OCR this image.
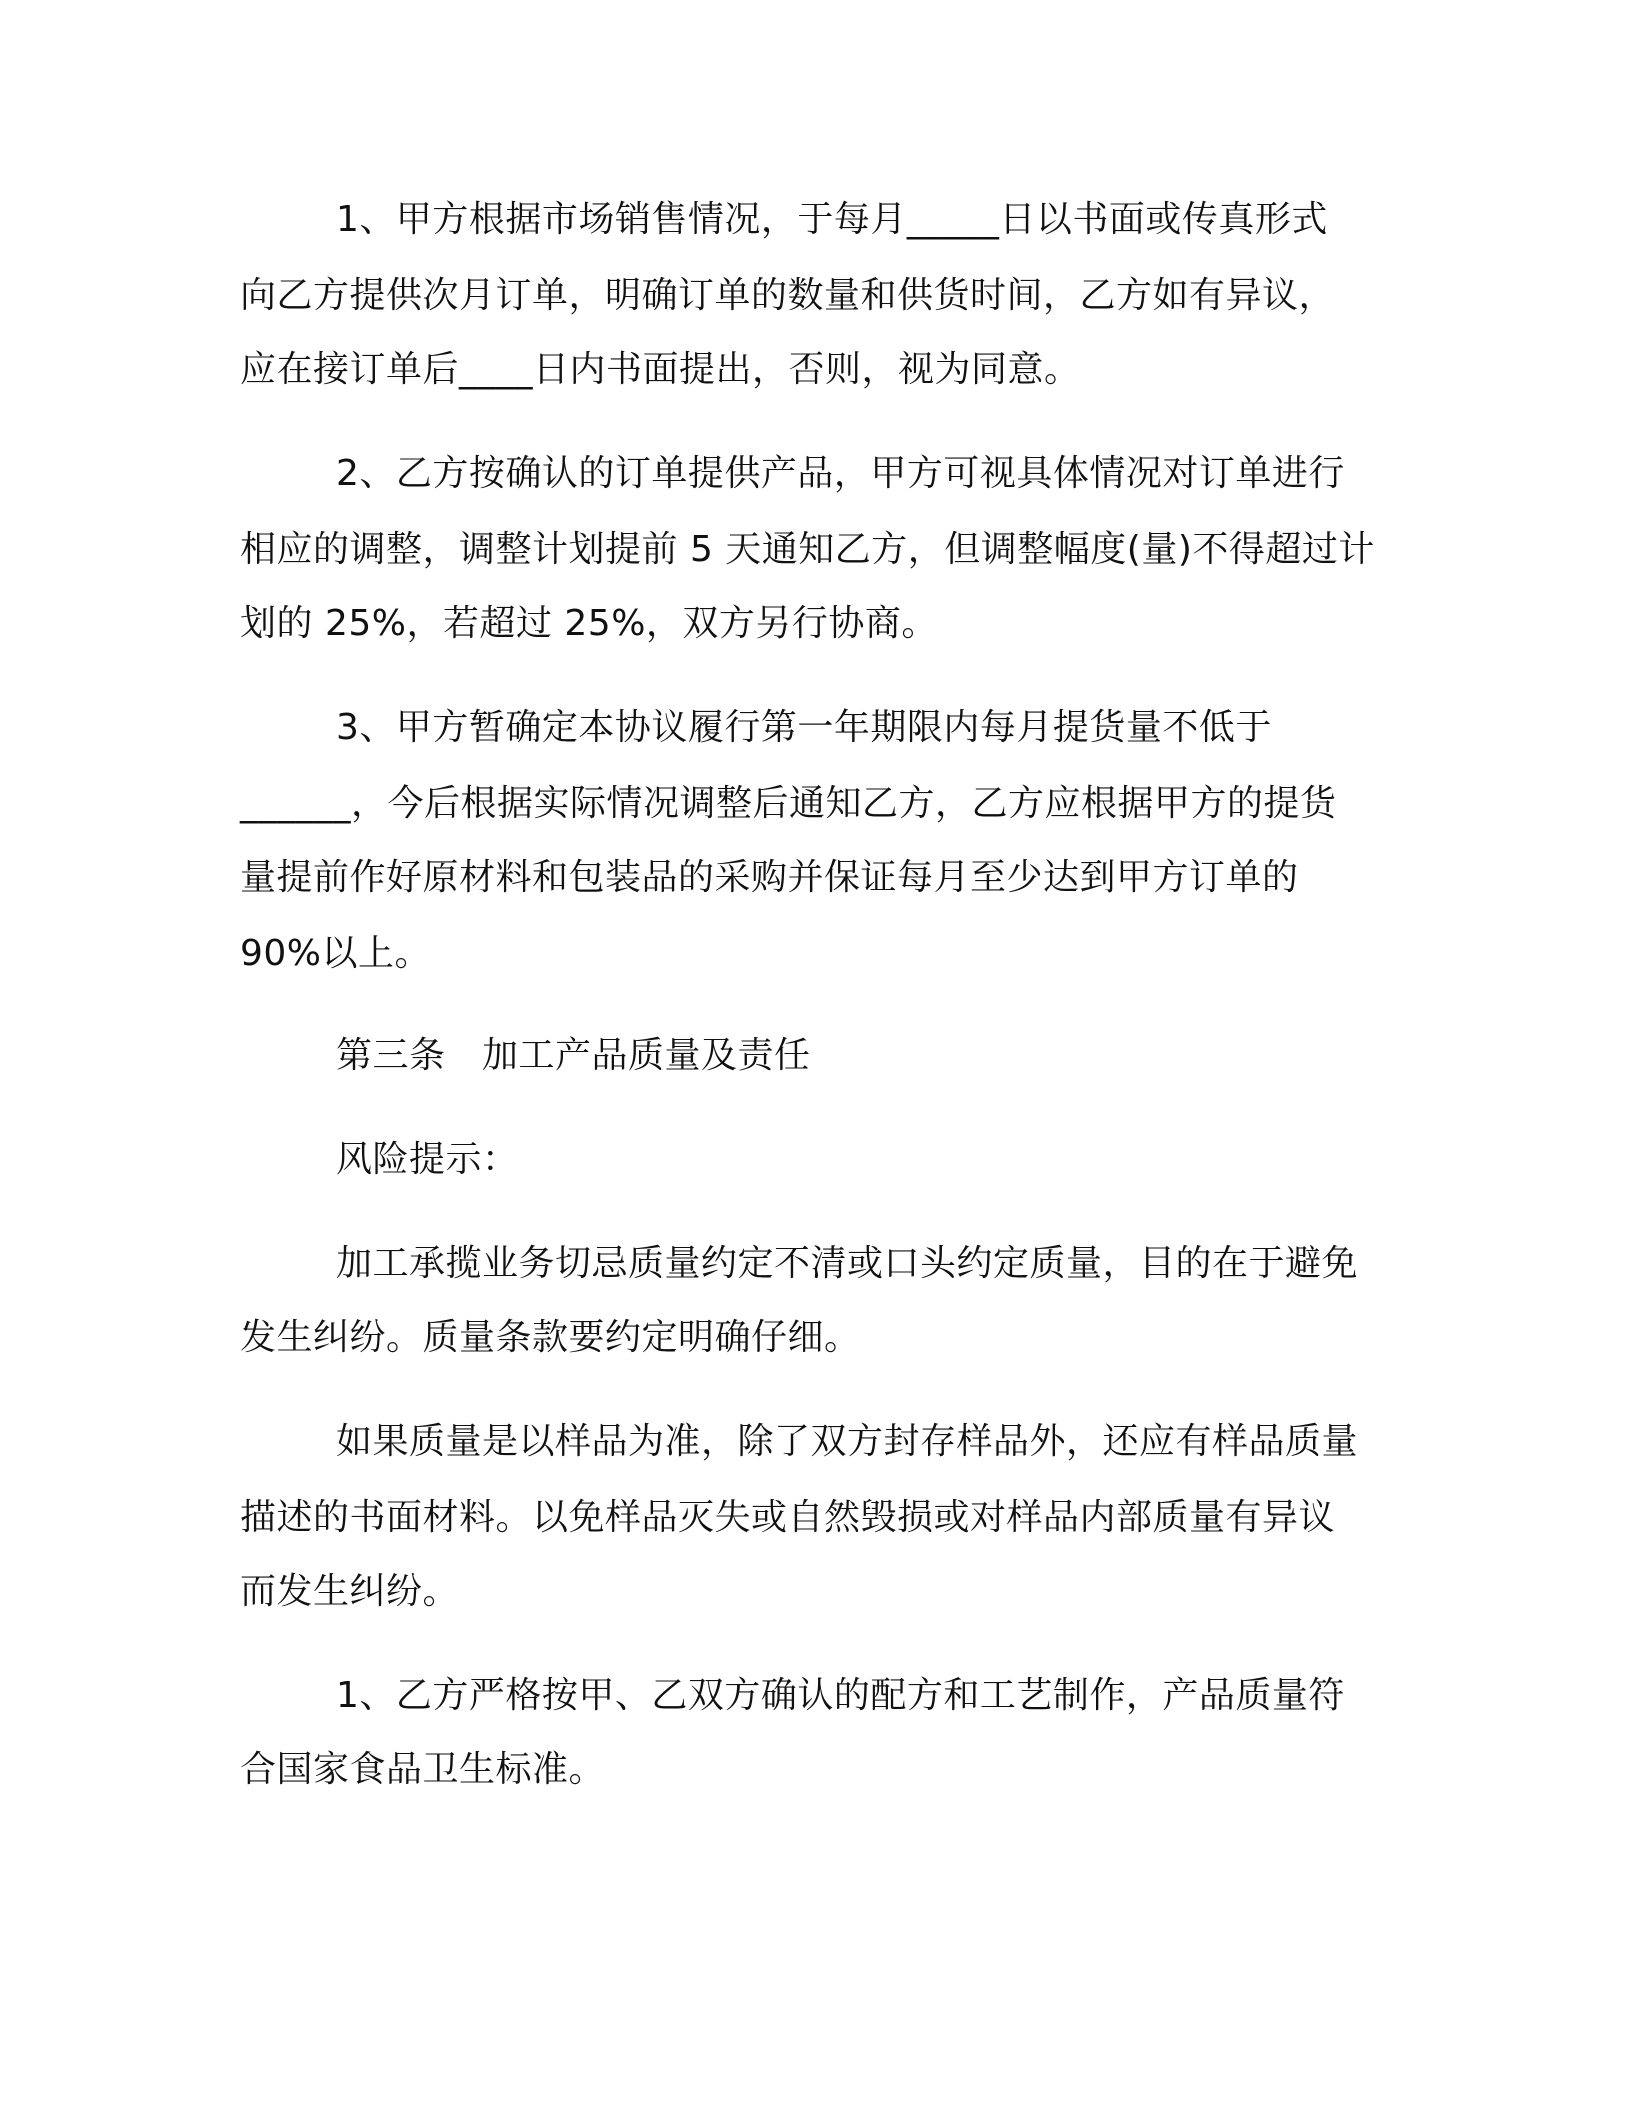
1、甲方根据市场销售情况，于每月_____日以书面或传真形式
向乙方提供次月订单，明确订单的数量和供货时间，乙方如有异议，
应在接订单后____日内书面提出，否则，视为同意。
2、乙方按确认的订单提供产品，甲方可视具体情况对订单进行
相应的调整，调整计划提前 5 天通知乙方，但调整幅度(量)不得超过计
划的 25%，若超过 25%，双方另行协商。
3、甲方暂确定本协议履行第一年期限内每月提货量不低于
______，今后根据实际情况调整后通知乙方，乙方应根据甲方的提货
量提前作好原材料和包装品的采购并保证每月至少达到甲方订单的
90%以上。
第三条　加工产品质量及责任
风险提示：
加工承揽业务切忌质量约定不清或口头约定质量，目的在于避免
发生纠纷。质量条款要约定明确仔细。
如果质量是以样品为准，除了双方封存样品外，还应有样品质量
描述的书面材料。以免样品灭失或自然毁损或对样品内部质量有异议
而发生纠纷。
1、乙方严格按甲、乙双方确认的配方和工艺制作，产品质量符
合国家食品卫生标准。
